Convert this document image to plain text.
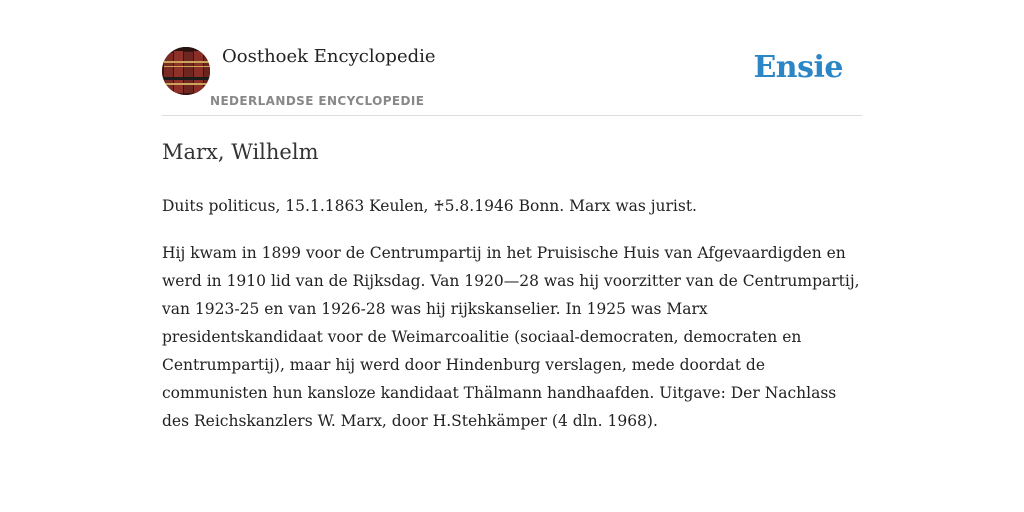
Oosthoek Encyclopedie
NEDERLANDSE ENCYCLOPEDIE
Ensie
Marx, Wilhelm

Duits politicus, 15.1.1863 Keulen, ♰5.8.1946 Bonn. Marx was jurist.

Hij kwam in 1899 voor de Centrumpartij in het Pruisische Huis van Afgevaardigden en werd in 1910 lid van de Rijksdag. Van 1920—28 was hij voorzitter van de Centrumpartij, van 1923-25 en van 1926-28 was hij rijkskanselier. In 1925 was Marx presidentskandidaat voor de Weimarcoalitie (sociaal-democraten, democraten en Centrumpartij), maar hij werd door Hindenburg verslagen, mede doordat de communisten hun kansloze kandidaat Thälmann handhaafden. Uitgave: Der Nachlass des Reichskanzlers W. Marx, door H.Stehkämper (4 dln. 1968).
